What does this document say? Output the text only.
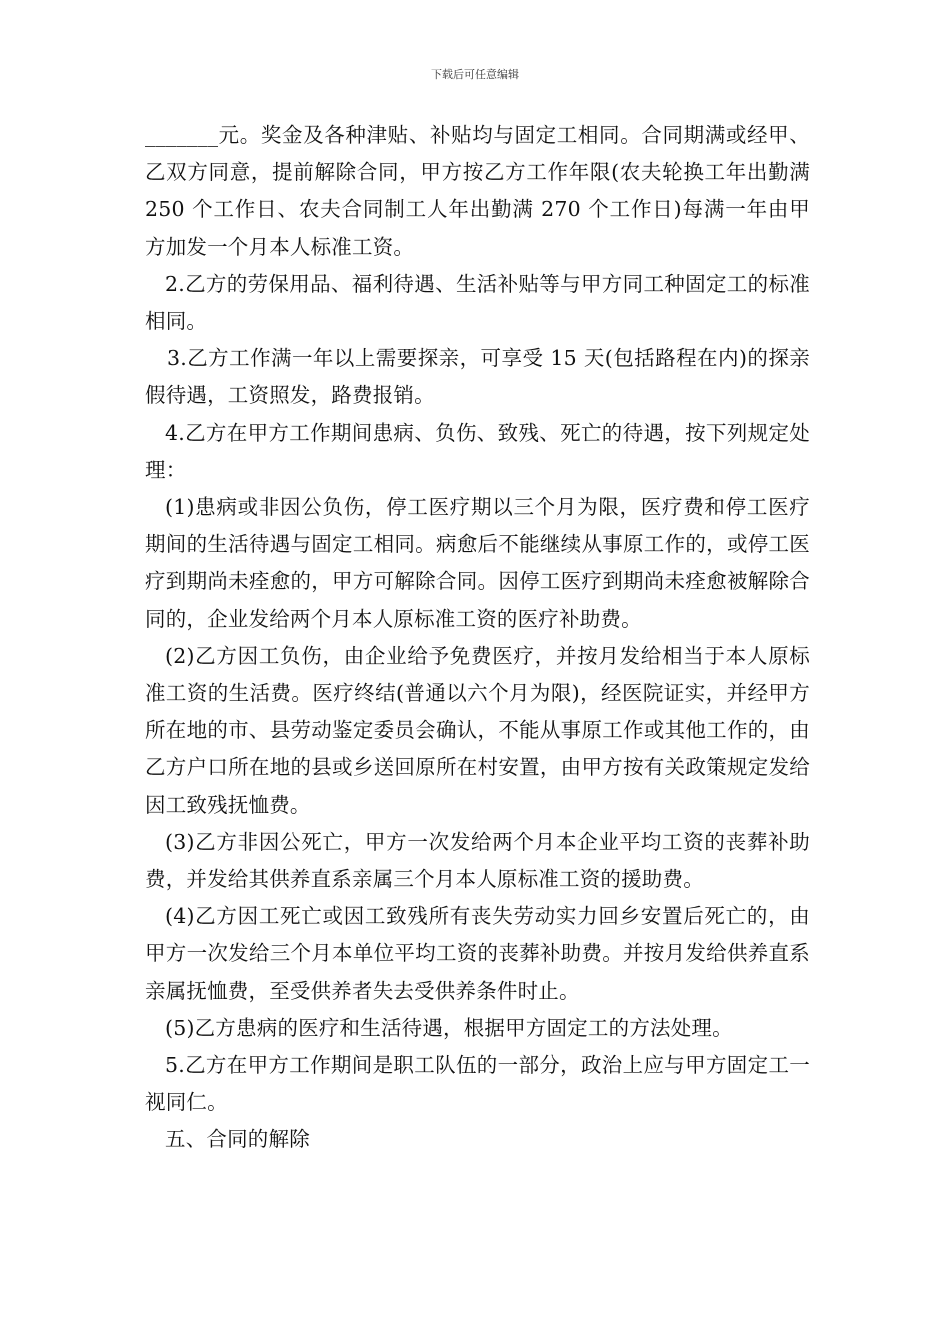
下载后可任意编辑

_______元。奖金及各种津贴、补贴均与固定工相同。合同期满或经甲、乙双方同意，提前解除合同，甲方按乙方工作年限(农夫轮换工年出勤满 250 个工作日、农夫合同制工人年出勤满 270 个工作日)每满一年由甲方加发一个月本人标准工资。

2.乙方的劳保用品、福利待遇、生活补贴等与甲方同工种固定工的标准相同。

3.乙方工作满一年以上需要探亲，可享受 15 天(包括路程在内)的探亲假待遇，工资照发，路费报销。

4.乙方在甲方工作期间患病、负伤、致残、死亡的待遇，按下列规定处理：

(1)患病或非因公负伤，停工医疗期以三个月为限，医疗费和停工医疗期间的生活待遇与固定工相同。病愈后不能继续从事原工作的，或停工医疗到期尚未痊愈的，甲方可解除合同。因停工医疗到期尚未痊愈被解除合同的，企业发给两个月本人原标准工资的医疗补助费。

(2)乙方因工负伤，由企业给予免费医疗，并按月发给相当于本人原标准工资的生活费。医疗终结(普通以六个月为限)，经医院证实，并经甲方所在地的市、县劳动鉴定委员会确认，不能从事原工作或其他工作的，由乙方户口所在地的县或乡送回原所在村安置，由甲方按有关政策规定发给因工致残抚恤费。

(3)乙方非因公死亡，甲方一次发给两个月本企业平均工资的丧葬补助费，并发给其供养直系亲属三个月本人原标准工资的援助费。

(4)乙方因工死亡或因工致残所有丧失劳动实力回乡安置后死亡的，由甲方一次发给三个月本单位平均工资的丧葬补助费。并按月发给供养直系亲属抚恤费，至受供养者失去受供养条件时止。

(5)乙方患病的医疗和生活待遇，根据甲方固定工的方法处理。

5.乙方在甲方工作期间是职工队伍的一部分，政治上应与甲方固定工一视同仁。

五、合同的解除
